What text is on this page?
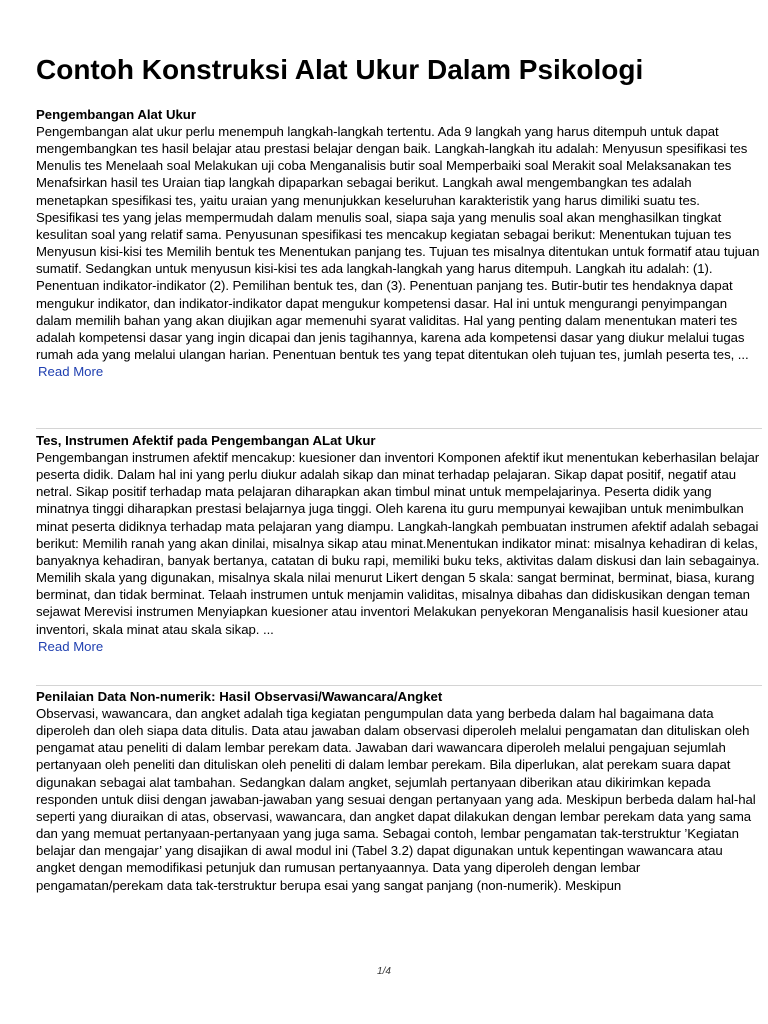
Contoh Konstruksi Alat Ukur Dalam Psikologi
Pengembangan Alat Ukur

Pengembangan alat ukur perlu menempuh langkah-langkah tertentu. Ada 9 langkah yang harus ditempuh untuk dapat mengembangkan tes hasil belajar atau prestasi belajar dengan baik. Langkah-langkah itu adalah: Menyusun spesifikasi tes Menulis tes Menelaah soal Melakukan uji coba Menganalisis butir soal Memperbaiki soal Merakit soal Melaksanakan tes Menafsirkan hasil tes Uraian tiap langkah dipaparkan sebagai berikut. Langkah awal mengembangkan tes adalah menetapkan spesifikasi tes, yaitu uraian yang menunjukkan keseluruhan karakteristik yang harus dimiliki suatu tes. Spesifikasi tes yang jelas mempermudah dalam menulis soal, siapa saja yang menulis soal akan menghasilkan tingkat kesulitan soal yang relatif sama. Penyusunan spesifikasi tes mencakup kegiatan sebagai berikut: Menentukan tujuan tes Menyusun kisi-kisi tes Memilih bentuk tes Menentukan panjang tes. Tujuan tes misalnya ditentukan untuk formatif atau tujuan sumatif. Sedangkan untuk menyusun kisi-kisi tes ada langkah-langkah yang harus ditempuh. Langkah itu adalah: (1). Penentuan indikator-indikator (2). Pemilihan bentuk tes, dan (3). Penentuan panjang tes. Butir-butir tes hendaknya dapat mengukur indikator, dan indikator-indikator dapat mengukur kompetensi dasar. Hal ini untuk mengurangi penyimpangan dalam memilih bahan yang akan diujikan agar memenuhi syarat validitas. Hal yang penting dalam menentukan materi tes adalah kompetensi dasar yang ingin dicapai dan jenis tagihannya, karena ada kompetensi dasar yang diukur melalui tugas rumah ada yang melalui ulangan harian. Penentuan bentuk tes yang tepat ditentukan oleh tujuan tes, jumlah peserta tes, ...

Read More
Tes, Instrumen Afektif pada Pengembangan ALat Ukur

Pengembangan instrumen afektif mencakup: kuesioner dan inventori Komponen afektif ikut menentukan keberhasilan belajar peserta didik. Dalam hal ini yang perlu diukur adalah sikap dan minat terhadap pelajaran. Sikap dapat positif, negatif atau netral. Sikap positif terhadap mata pelajaran diharapkan akan timbul minat untuk mempelajarinya. Peserta didik yang minatnya tinggi diharapkan prestasi belajarnya juga tinggi. Oleh karena itu guru mempunyai kewajiban untuk menimbulkan minat peserta didiknya terhadap mata pelajaran yang diampu. Langkah-langkah pembuatan instrumen afektif adalah sebagai berikut: Memilih ranah yang akan dinilai, misalnya sikap atau minat.Menentukan indikator minat: misalnya kehadiran di kelas, banyaknya kehadiran, banyak bertanya, catatan di buku rapi, memiliki buku teks, aktivitas dalam diskusi dan lain sebagainya. Memilih skala yang digunakan, misalnya skala nilai menurut Likert dengan 5 skala: sangat berminat, berminat, biasa, kurang berminat, dan tidak berminat. Telaah instrumen untuk menjamin validitas, misalnya dibahas dan didiskusikan dengan teman sejawat Merevisi instrumen Menyiapkan kuesioner atau inventori Melakukan penyekoran Menganalisis hasil kuesioner atau inventori, skala minat atau skala sikap. ...

Read More
Penilaian Data Non-numerik: Hasil Observasi/Wawancara/Angket

Observasi, wawancara, dan angket adalah tiga kegiatan pengumpulan data yang berbeda dalam hal bagaimana data diperoleh dan oleh siapa data ditulis. Data atau jawaban dalam observasi diperoleh melalui pengamatan dan dituliskan oleh pengamat atau peneliti di dalam lembar perekam data. Jawaban dari wawancara diperoleh melalui pengajuan sejumlah pertanyaan oleh peneliti dan dituliskan oleh peneliti di dalam lembar perekam. Bila diperlukan, alat perekam suara dapat digunakan sebagai alat tambahan. Sedangkan dalam angket, sejumlah pertanyaan diberikan atau dikirimkan kepada responden untuk diisi dengan jawaban-jawaban yang sesuai dengan pertanyaan yang ada. Meskipun berbeda dalam hal-hal seperti yang diuraikan di atas, observasi, wawancara, dan angket dapat dilakukan dengan lembar perekam data yang sama dan yang memuat pertanyaan-pertanyaan yang juga sama. Sebagai contoh, lembar pengamatan tak-terstruktur ’Kegiatan belajar dan mengajar’ yang disajikan di awal modul ini (Tabel 3.2) dapat digunakan untuk kepentingan wawancara atau angket dengan memodifikasi petunjuk dan rumusan pertanyaannya. Data yang diperoleh dengan lembar pengamatan/perekam data tak-terstruktur berupa esai yang sangat panjang (non-numerik). Meskipun

1/4
